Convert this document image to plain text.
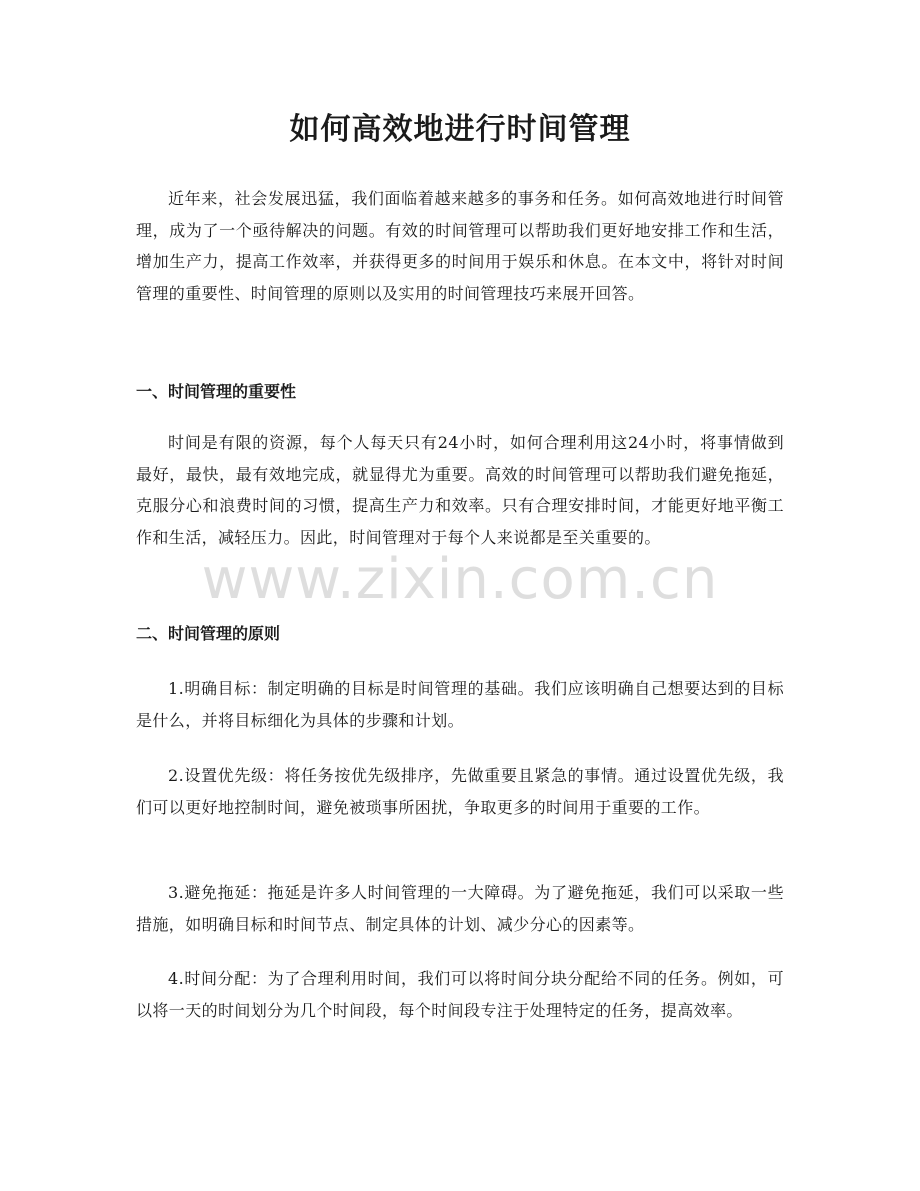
如何高效地进行时间管理

近年来，社会发展迅猛，我们面临着越来越多的事务和任务。如何高效地进行时间管理，成为了一个亟待解决的问题。有效的时间管理可以帮助我们更好地安排工作和生活，增加生产力，提高工作效率，并获得更多的时间用于娱乐和休息。在本文中，将针对时间管理的重要性、时间管理的原则以及实用的时间管理技巧来展开回答。

一、时间管理的重要性

时间是有限的资源，每个人每天只有24小时，如何合理利用这24小时，将事情做到最好，最快，最有效地完成，就显得尤为重要。高效的时间管理可以帮助我们避免拖延，克服分心和浪费时间的习惯，提高生产力和效率。只有合理安排时间，才能更好地平衡工作和生活，减轻压力。因此，时间管理对于每个人来说都是至关重要的。

二、时间管理的原则

1.明确目标：制定明确的目标是时间管理的基础。我们应该明确自己想要达到的目标是什么，并将目标细化为具体的步骤和计划。

2.设置优先级：将任务按优先级排序，先做重要且紧急的事情。通过设置优先级，我们可以更好地控制时间，避免被琐事所困扰，争取更多的时间用于重要的工作。

3.避免拖延：拖延是许多人时间管理的一大障碍。为了避免拖延，我们可以采取一些措施，如明确目标和时间节点、制定具体的计划、减少分心的因素等。

4.时间分配：为了合理利用时间，我们可以将时间分块分配给不同的任务。例如，可以将一天的时间划分为几个时间段，每个时间段专注于处理特定的任务，提高效率。

www.zixin.com.cn
